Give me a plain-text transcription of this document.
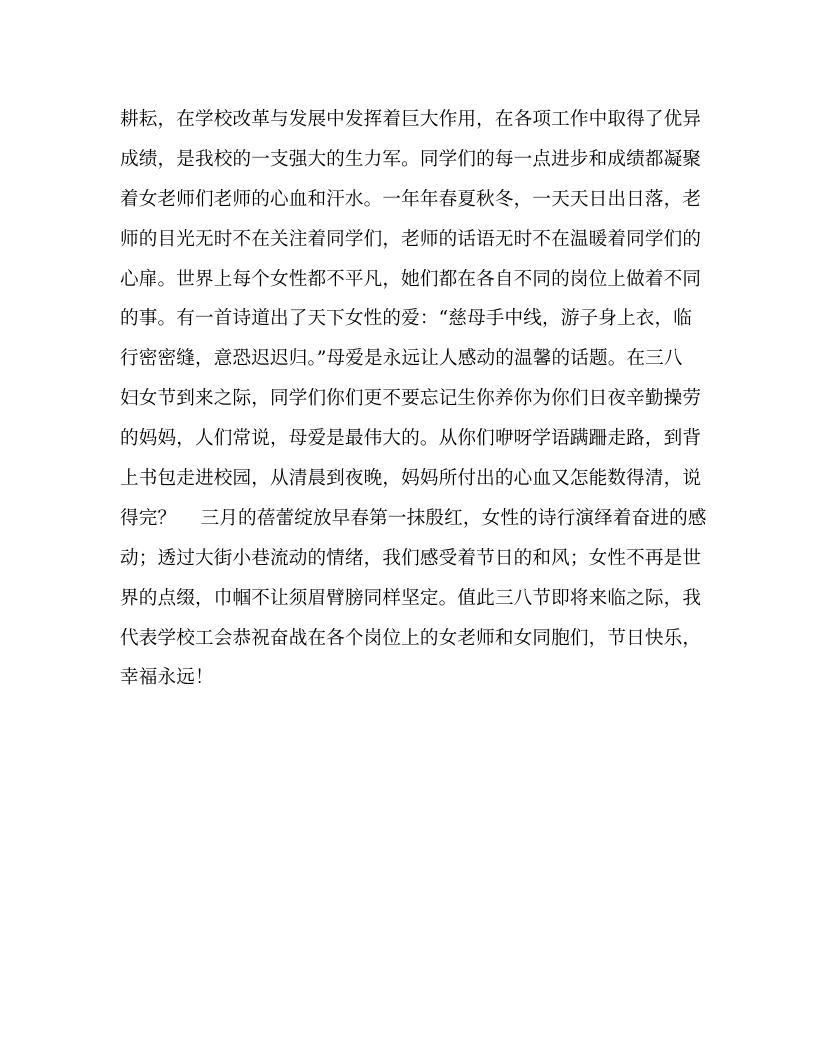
耕耘，在学校改革与发展中发挥着巨大作用，在各项工作中取得了优异
成绩，是我校的一支强大的生力军。同学们的每一点进步和成绩都凝聚
着女老师们老师的心血和汗水。一年年春夏秋冬，一天天日出日落，老
师的目光无时不在关注着同学们，老师的话语无时不在温暖着同学们的
心扉。世界上每个女性都不平凡，她们都在各自不同的岗位上做着不同
的事。有一首诗道出了天下女性的爱：“慈母手中线，游子身上衣，临
行密密缝，意恐迟迟归。”母爱是永远让人感动的温馨的话题。在三八
妇女节到来之际，同学们你们更不要忘记生你养你为你们日夜辛勤操劳
的妈妈，人们常说，母爱是最伟大的。从你们咿呀学语蹒跚走路，到背
上书包走进校园，从清晨到夜晚，妈妈所付出的心血又怎能数得清，说
得完？    三月的蓓蕾绽放早春第一抹殷红，女性的诗行演绎着奋进的感
动；透过大街小巷流动的情绪，我们感受着节日的和风；女性不再是世
界的点缀，巾帼不让须眉臂膀同样坚定。值此三八节即将来临之际，我
代表学校工会恭祝奋战在各个岗位上的女老师和女同胞们，节日快乐，
幸福永远！
